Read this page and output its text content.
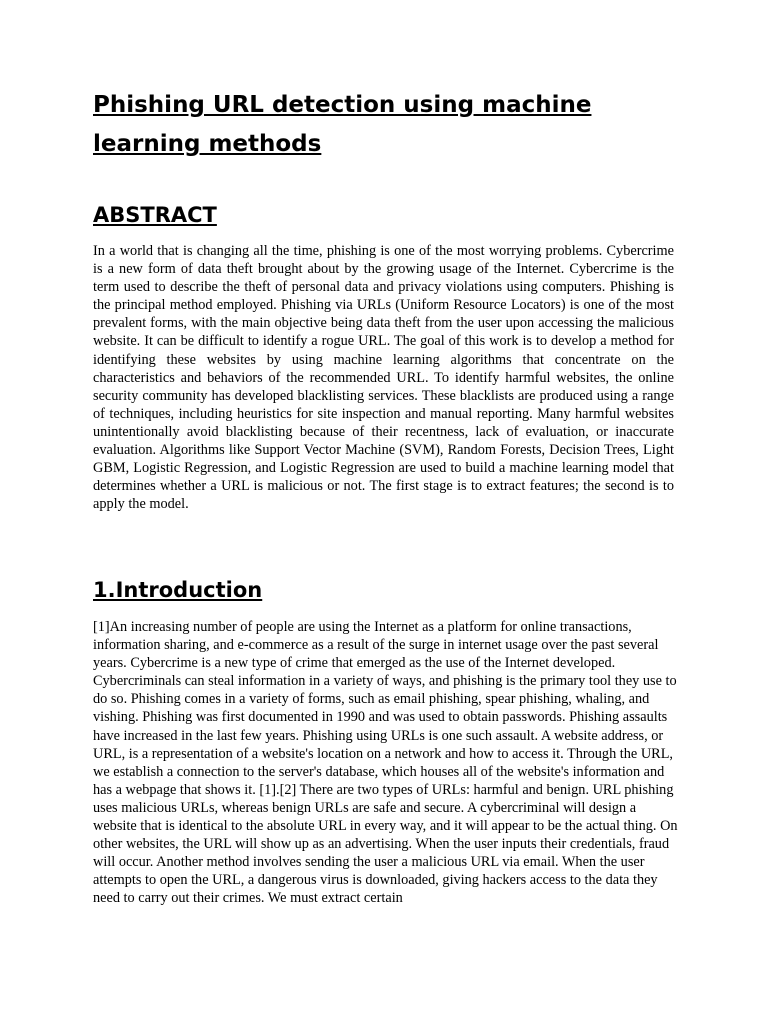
Phishing URL detection using machine learning methods
ABSTRACT

In a world that is changing all the time, phishing is one of the most worrying problems. Cybercrime is a new form of data theft brought about by the growing usage of the Internet. Cybercrime is the term used to describe the theft of personal data and privacy violations using computers. Phishing is the principal method employed. Phishing via URLs (Uniform Resource Locators) is one of the most prevalent forms, with the main objective being data theft from the user upon accessing the malicious website. It can be difficult to identify a rogue URL. The goal of this work is to develop a method for identifying these websites by using machine learning algorithms that concentrate on the characteristics and behaviors of the recommended URL. To identify harmful websites, the online security community has developed blacklisting services. These blacklists are produced using a range of techniques, including heuristics for site inspection and manual reporting. Many harmful websites unintentionally avoid blacklisting because of their recentness, lack of evaluation, or inaccurate evaluation. Algorithms like Support Vector Machine (SVM), Random Forests, Decision Trees, Light GBM, Logistic Regression, and Logistic Regression are used to build a machine learning model that determines whether a URL is malicious or not. The first stage is to extract features; the second is to apply the model.

1.Introduction

[1]An increasing number of people are using the Internet as a platform for online transactions, information sharing, and e-commerce as a result of the surge in internet usage over the past several years. Cybercrime is a new type of crime that emerged as the use of the Internet developed. Cybercriminals can steal information in a variety of ways, and phishing is the primary tool they use to do so. Phishing comes in a variety of forms, such as email phishing, spear phishing, whaling, and vishing. Phishing was first documented in 1990 and was used to obtain passwords. Phishing assaults have increased in the last few years. Phishing using URLs is one such assault. A website address, or URL, is a representation of a website's location on a network and how to access it. Through the URL, we establish a connection to the server's database, which houses all of the website's information and has a webpage that shows it. [1].[2] There are two types of URLs: harmful and benign. URL phishing uses malicious URLs, whereas benign URLs are safe and secure. A cybercriminal will design a website that is identical to the absolute URL in every way, and it will appear to be the actual thing. On other websites, the URL will show up as an advertising. When the user inputs their credentials, fraud will occur. Another method involves sending the user a malicious URL via email. When the user attempts to open the URL, a dangerous virus is downloaded, giving hackers access to the data they need to carry out their crimes. We must extract certain
